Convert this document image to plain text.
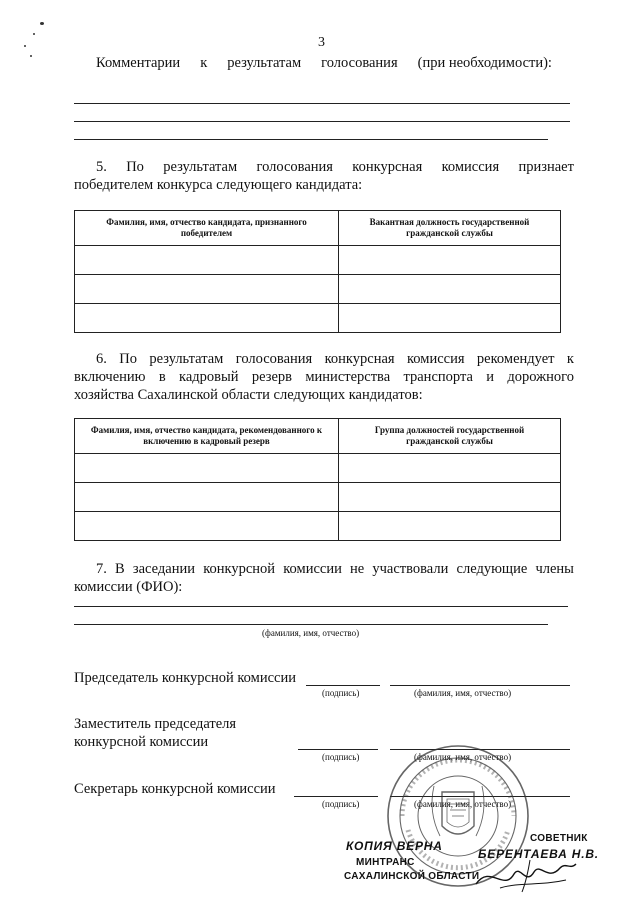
3
Комментарии к результатам голосования (при необходимости):
5. По результатам голосования конкурсная комиссия признает
победителем конкурса следующего кандидата:
Фамилия, имя, отчество кандидата, признанного победителем	Вакантная должность государственной гражданской службы

6. По результатам голосования конкурсная комиссия рекомендует к
включению в кадровый резерв министерства транспорта и дорожного
хозяйства Сахалинской области следующих кандидатов:
Фамилия, имя, отчество кандидата, рекомендованного к включению в кадровый резерв	Группа должностей государственной гражданской службы

7. В заседании конкурсной комиссии не участвовали следующие члены
комиссии (ФИО):
(фамилия, имя, отчество)
Председатель конкурсной комиссии
(подпись)	(фамилия, имя, отчество)
Заместитель председателя
конкурсной комиссии
(подпись)	(фамилия, имя, отчество)
Секретарь конкурсной комиссии
(подпись)	(фамилия, имя, отчество)
КОПИЯ ВЕРНА
СОВЕТНИК
БЕРЕНТАЕВА Н.В.
МИНТРАНС
САХАЛИНСКОЙ ОБЛАСТИ
